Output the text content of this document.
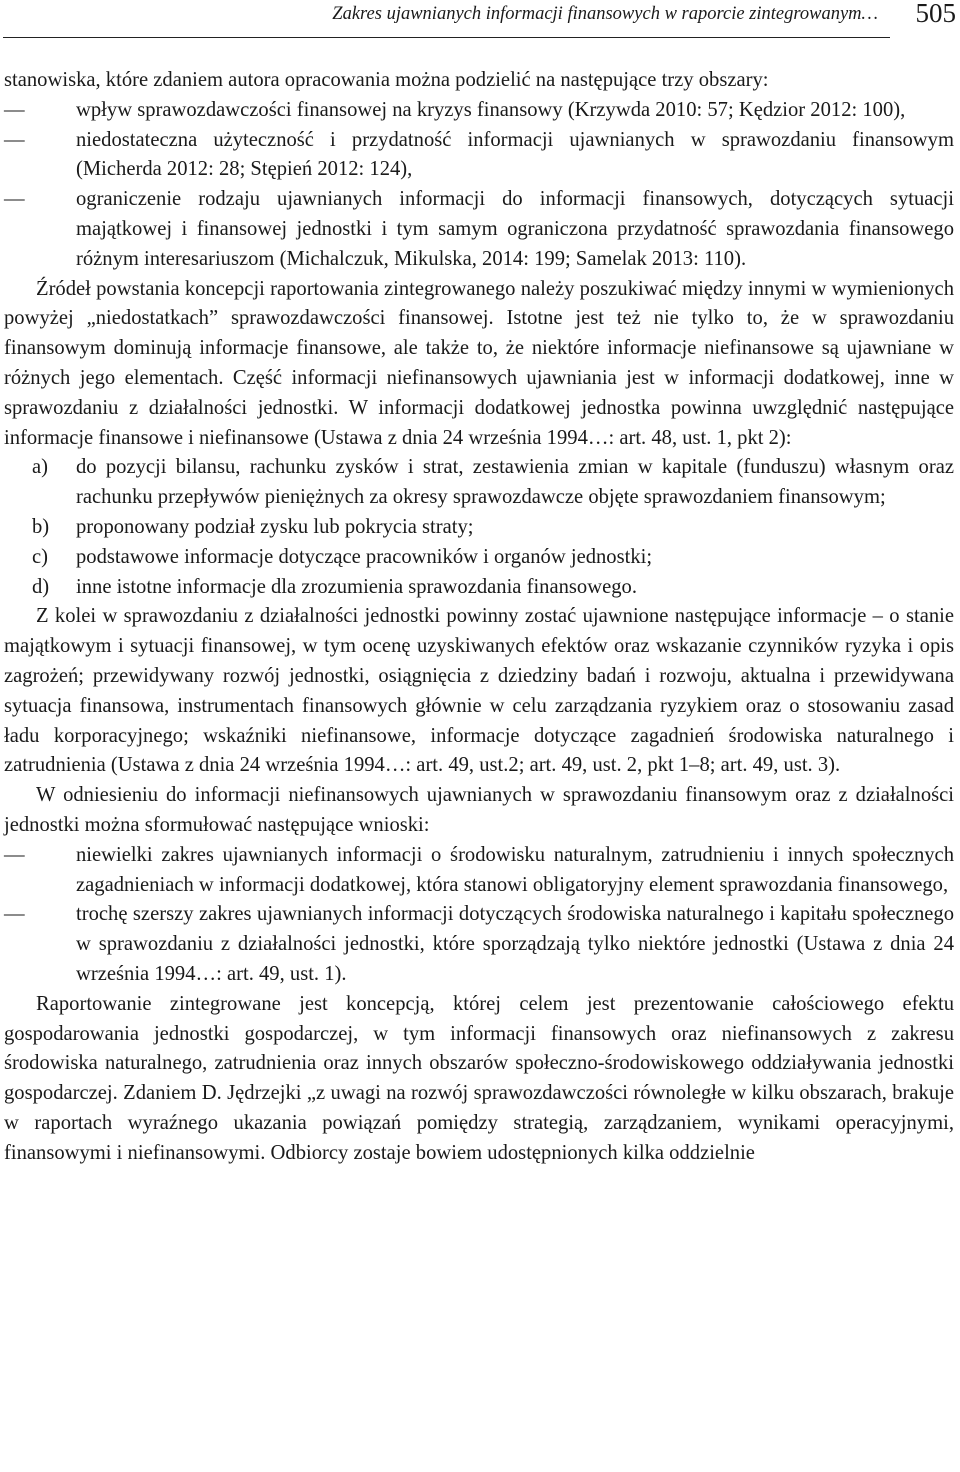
Zakres ujawnianych informacji finansowych w raporcie zintegrowanym… 505

stanowiska, które zdaniem autora opracowania można podzielić na następujące trzy obszary:

—	wpływ sprawozdawczości finansowej na kryzys finansowy (Krzywda 2010: 57; Kędzior 2012: 100),
—	niedostateczna użyteczność i przydatność informacji ujawnianych w sprawozdaniu finansowym (Micherda 2012: 28; Stępień 2012: 124),
—	ograniczenie rodzaju ujawnianych informacji do informacji finansowych, dotyczących sytuacji majątkowej i finansowej jednostki i tym samym ograniczona przydatność sprawozdania finansowego różnym interesariuszom (Michalczuk, Mikulska, 2014: 199; Samelak 2013: 110).

Źródeł powstania koncepcji raportowania zintegrowanego należy poszukiwać między innymi w wymienionych powyżej „niedostatkach” sprawozdawczości finansowej. Istotne jest też nie tylko to, że w sprawozdaniu finansowym dominują informacje finansowe, ale także to, że niektóre informacje niefinansowe są ujawniane w różnych jego elementach. Część informacji niefinansowych ujawniania jest w informacji dodatkowej, inne w sprawozdaniu z działalności jednostki. W informacji dodatkowej jednostka powinna uwzględnić następujące informacje finansowe i niefinansowe (Ustawa z dnia 24 września 1994…: art. 48, ust. 1, pkt 2):

a) do pozycji bilansu, rachunku zysków i strat, zestawienia zmian w kapitale (funduszu) własnym oraz rachunku przepływów pieniężnych za okresy sprawozdawcze objęte sprawozdaniem finansowym;
b) proponowany podział zysku lub pokrycia straty;
c) podstawowe informacje dotyczące pracowników i organów jednostki;
d) inne istotne informacje dla zrozumienia sprawozdania finansowego.

Z kolei w sprawozdaniu z działalności jednostki powinny zostać ujawnione następujące informacje – o stanie majątkowym i sytuacji finansowej, w tym ocenę uzyskiwanych efektów oraz wskazanie czynników ryzyka i opis zagrożeń; przewidywany rozwój jednostki, osiągnięcia z dziedziny badań i rozwoju, aktualna i przewidywana sytuacja finansowa, instrumentach finansowych głównie w celu zarządzania ryzykiem oraz o stosowaniu zasad ładu korporacyjnego; wskaźniki niefinansowe, informacje dotyczące zagadnień środowiska naturalnego i zatrudnienia (Ustawa z dnia 24 września 1994…: art. 49, ust.2; art. 49, ust. 2, pkt 1–8; art. 49, ust. 3).

W odniesieniu do informacji niefinansowych ujawnianych w sprawozdaniu finansowym oraz z działalności jednostki można sformułować następujące wnioski:

—	niewielki zakres ujawnianych informacji o środowisku naturalnym, zatrudnieniu i innych społecznych zagadnieniach w informacji dodatkowej, która stanowi obligatoryjny element sprawozdania finansowego,
—	trochę szerszy zakres ujawnianych informacji dotyczących środowiska naturalnego i kapitału społecznego w sprawozdaniu z działalności jednostki, które sporządzają tylko niektóre jednostki (Ustawa z dnia 24 września 1994…: art. 49, ust. 1).

Raportowanie zintegrowane jest koncepcją, której celem jest prezentowanie całościowego efektu gospodarowania jednostki gospodarczej, w tym informacji finansowych oraz niefinansowych z zakresu środowiska naturalnego, zatrudnienia oraz innych obszarów społeczno-środowiskowego oddziaływania jednostki gospodarczej. Zdaniem D. Jędrzejki „z uwagi na rozwój sprawozdawczości równoległe w kilku obszarach, brakuje w raportach wyraźnego ukazania powiązań pomiędzy strategią, zarządzaniem, wynikami operacyjnymi, finansowymi i niefinansowymi. Odbiorcy zostaje bowiem udostępnionych kilka oddzielnie
